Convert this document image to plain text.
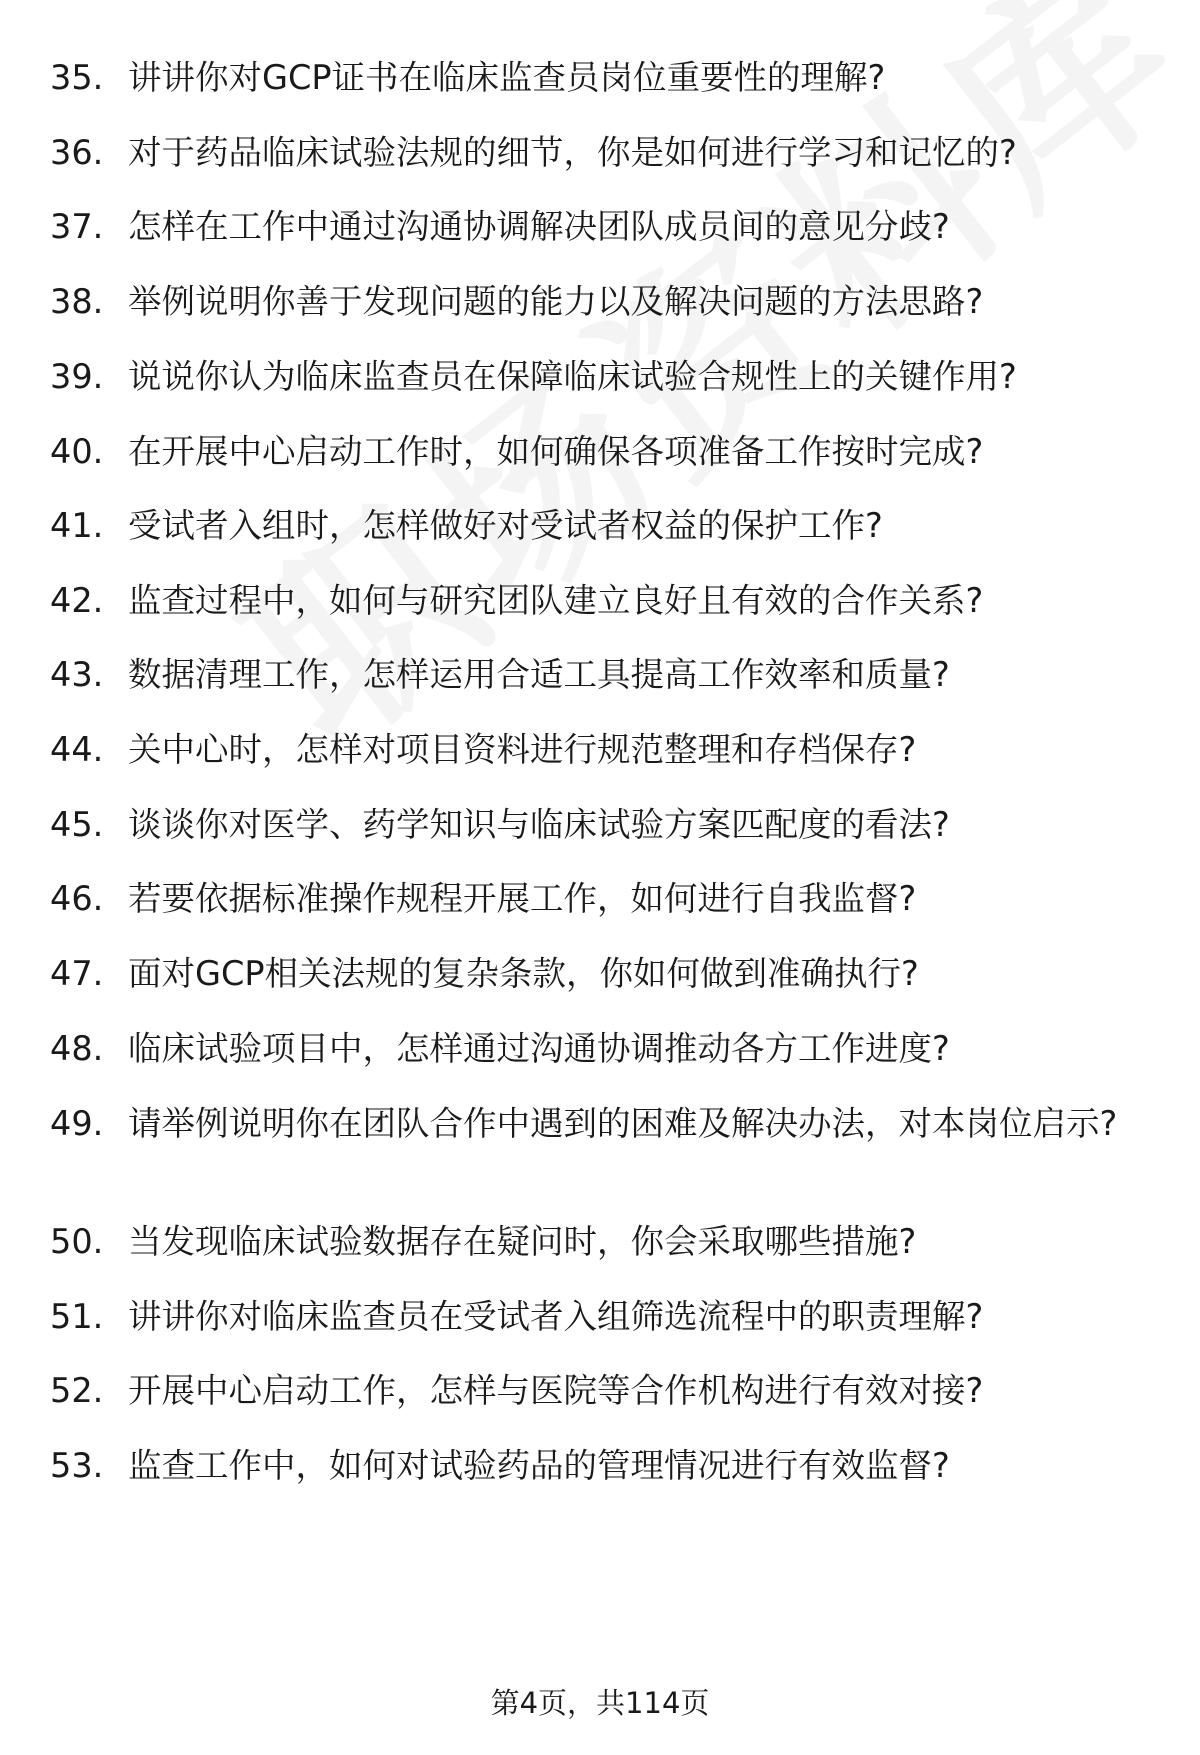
35. 讲讲你对GCP证书在临床监查员岗位重要性的理解?
36. 对于药品临床试验法规的细节，你是如何进行学习和记忆的?
37. 怎样在工作中通过沟通协调解决团队成员间的意见分歧?
38. 举例说明你善于发现问题的能力以及解决问题的方法思路?
39. 说说你认为临床监查员在保障临床试验合规性上的关键作用?
40. 在开展中心启动工作时，如何确保各项准备工作按时完成?
41. 受试者入组时，怎样做好对受试者权益的保护工作?
42. 监查过程中，如何与研究团队建立良好且有效的合作关系?
43. 数据清理工作，怎样运用合适工具提高工作效率和质量?
44. 关中心时，怎样对项目资料进行规范整理和存档保存?
45. 谈谈你对医学、药学知识与临床试验方案匹配度的看法?
46. 若要依据标准操作规程开展工作，如何进行自我监督?
47. 面对GCP相关法规的复杂条款，你如何做到准确执行?
48. 临床试验项目中，怎样通过沟通协调推动各方工作进度?
49. 请举例说明你在团队合作中遇到的困难及解决办法，对本岗位启示?
50. 当发现临床试验数据存在疑问时，你会采取哪些措施?
51. 讲讲你对临床监查员在受试者入组筛选流程中的职责理解?
52. 开展中心启动工作，怎样与医院等合作机构进行有效对接?
53. 监查工作中，如何对试验药品的管理情况进行有效监督?
第4页，共114页
